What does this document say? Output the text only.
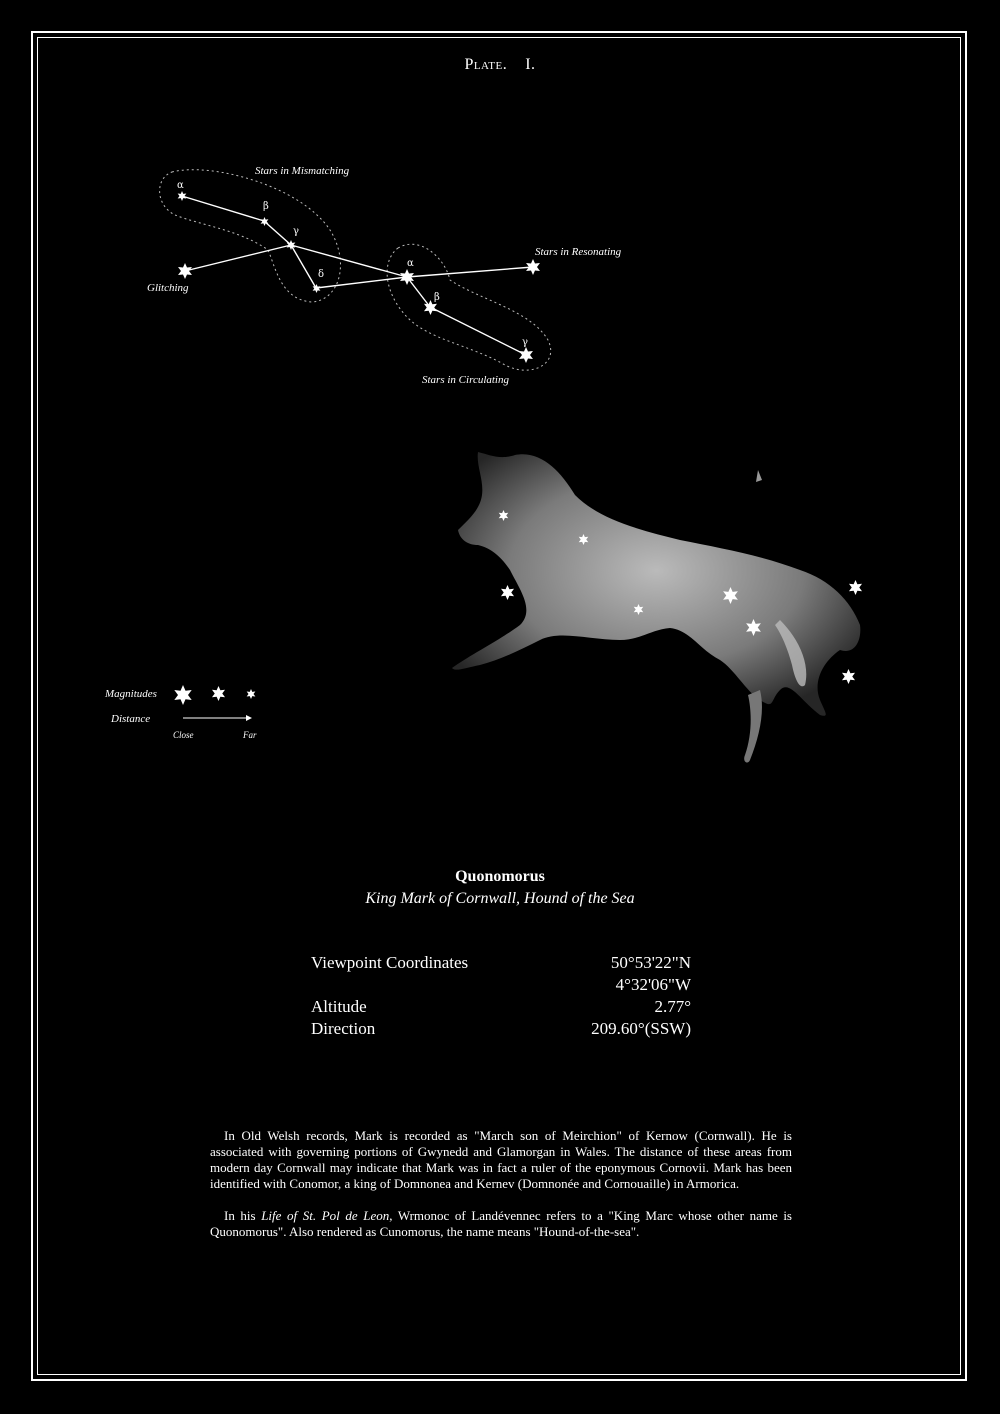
Plate. I.
α
β
γ
δ
α
β
γ
Stars in Mismatching
Stars in Resonating
Stars in Circulating
Glitching
Magnitudes
Distance
Close	Far
Quonomorus
King Mark of Cornwall, Hound of the Sea
Viewpoint Coordinates	50°53'22"N
4°32'06"W
Altitude	2.77°
Direction	209.60°(SSW)

In Old Welsh records, Mark is recorded as "March son of Meirchion" of Kernow (Cornwall). He is associated with governing portions of Gwynedd and Glamorgan in Wales. The distance of these areas from modern day Cornwall may indicate that Mark was in fact a ruler of the eponymous Cornovii. Mark has been identified with Conomor, a king of Domnonea and Kernev (Domnonée and Cornouaille) in Armorica.

In his Life of St. Pol de Leon, Wrmonoc of Landévennec refers to a "King Marc whose other name is Quonomorus". Also rendered as Cunomorus, the name means "Hound-of-the-sea".
